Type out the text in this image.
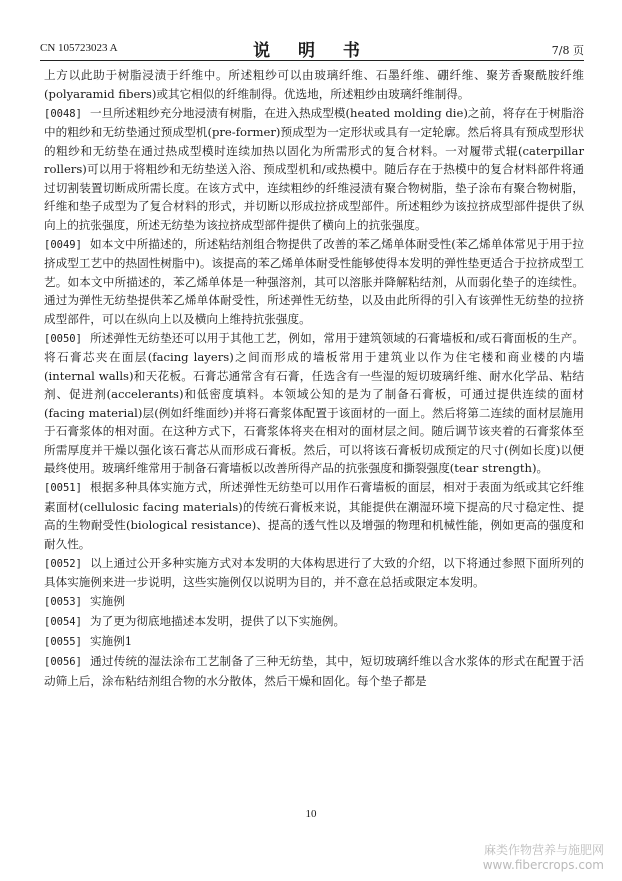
CN 105723023 A	说 明 书	7/8 页

上方以此助于树脂浸渍于纤维中。所述粗纱可以由玻璃纤维、石墨纤维、硼纤维、聚芳香聚酰胺纤维(polyaramid fibers)或其它相似的纤维制得。优选地，所述粗纱由玻璃纤维制得。

[0048] 一旦所述粗纱充分地浸渍有树脂，在进入热成型模(heated molding die)之前，将存在于树脂浴中的粗纱和无纺垫通过预成型机(pre-former)预成型为一定形状或具有一定轮廓。然后将具有预成型形状的粗纱和无纺垫在通过热成型模时连续加热以固化为所需形式的复合材料。一对履带式辊(caterpillar rollers)可以用于将粗纱和无纺垫送入浴、预成型机和/或热模中。随后存在于热模中的复合材料部件将通过切割装置切断成所需长度。在该方式中，连续粗纱的纤维浸渍有聚合物树脂，垫子涂布有聚合物树脂，纤维和垫子成型为了复合材料的形式，并切断以形成拉挤成型部件。所述粗纱为该拉挤成型部件提供了纵向上的抗张强度，所述无纺垫为该拉挤成型部件提供了横向上的抗张强度。

[0049] 如本文中所描述的，所述粘结剂组合物提供了改善的苯乙烯单体耐受性(苯乙烯单体常见于用于拉挤成型工艺中的热固性树脂中)。该提高的苯乙烯单体耐受性能够使得本发明的弹性垫更适合于拉挤成型工艺。如本文中所描述的，苯乙烯单体是一种强溶剂，其可以溶胀并降解粘结剂，从而弱化垫子的连续性。通过为弹性无纺垫提供苯乙烯单体耐受性，所述弹性无纺垫，以及由此所得的引入有该弹性无纺垫的拉挤成型部件，可以在纵向上以及横向上维持抗张强度。

[0050] 所述弹性无纺垫还可以用于其他工艺，例如，常用于建筑领域的石膏墙板和/或石膏面板的生产。将石膏芯夹在面层(facing layers)之间而形成的墙板常用于建筑业以作为住宅楼和商业楼的内墙(internal walls)和天花板。石膏芯通常含有石膏，任选含有一些湿的短切玻璃纤维、耐水化学品、粘结剂、促进剂(accelerants)和低密度填料。本领域公知的是为了制备石膏板，可通过提供连续的面材(facing material)层(例如纤维面纱)并将石膏浆体配置于该面材的一面上。然后将第二连续的面材层施用于石膏浆体的相对面。在这种方式下，石膏浆体将夹在相对的面材层之间。随后调节该夹着的石膏浆体至所需厚度并干燥以强化该石膏芯从而形成石膏板。然后，可以将该石膏板切成预定的尺寸(例如长度)以便最终使用。玻璃纤维常用于制备石膏墙板以改善所得产品的抗张强度和撕裂强度(tear strength)。

[0051] 根据多种具体实施方式，所述弹性无纺垫可以用作石膏墙板的面层，相对于表面为纸或其它纤维素面材(cellulosic facing materials)的传统石膏板来说，其能提供在潮湿环境下提高的尺寸稳定性、提高的生物耐受性(biological resistance)、提高的透气性以及增强的物理和机械性能，例如更高的强度和耐久性。

[0052] 以上通过公开多种实施方式对本发明的大体构思进行了大致的介绍，以下将通过参照下面所列的具体实施例来进一步说明，这些实施例仅以说明为目的，并不意在总括或限定本发明。

[0053] 实施例

[0054] 为了更为彻底地描述本发明，提供了以下实施例。

[0055] 实施例1

[0056] 通过传统的湿法涂布工艺制备了三种无纺垫，其中，短切玻璃纤维以含水浆体的形式在配置于活动筛上后，涂布粘结剂组合物的水分散体，然后干燥和固化。每个垫子都是

10
麻类作物营养与施肥网
www.fibercrops.com
